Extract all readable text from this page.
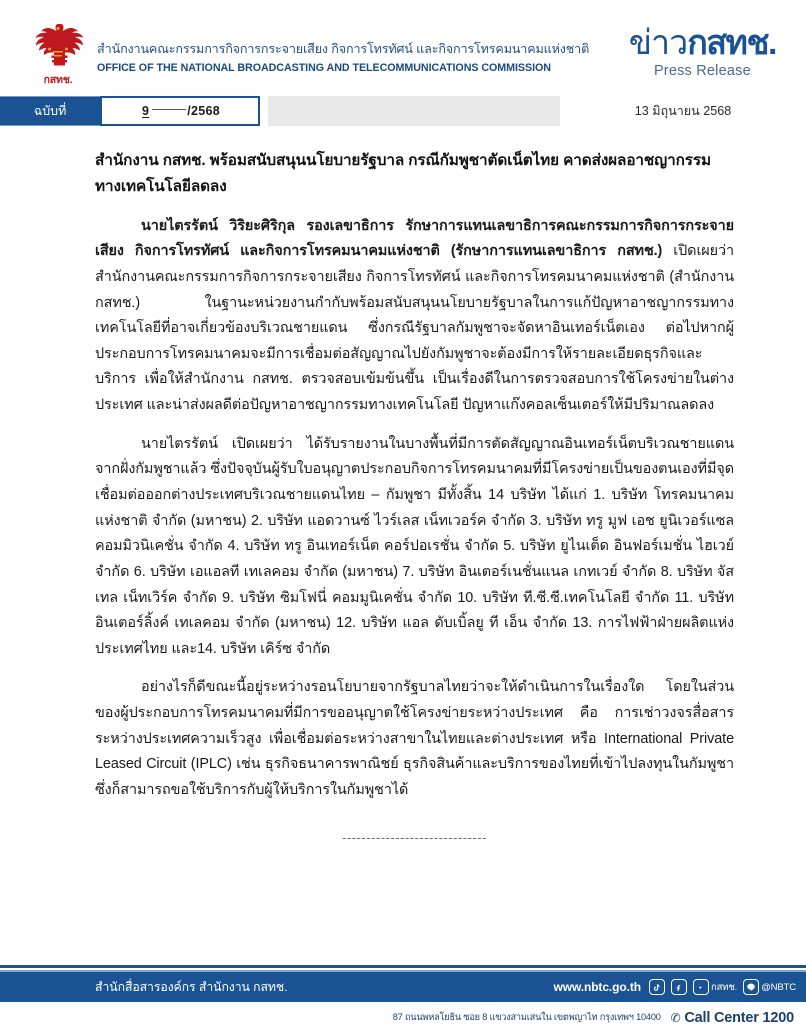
กสทช.
สำนักงานคณะกรรมการกิจการกระจายเสียง กิจการโทรทัศน์ และกิจการโทรคมนาคมแห่งชาติ
OFFICE OF THE NATIONAL BROADCASTING AND TELECOMMUNICATIONS COMMISSION
ข่าวกสทช.
Press Release
ฉบับที่	9	/2568	13 มิถุนายน 2568
สำนักงาน กสทช. พร้อมสนับสนุนนโยบายรัฐบาล กรณีกัมพูชาตัดเน็ตไทย คาดส่งผลอาชญากรรมทางเทคโนโลยีลดลง
นายไตรรัตน์ วิริยะศิริกุล รองเลขาธิการ รักษาการแทนเลขาธิการคณะกรรมการกิจการกระจายเสียง กิจการโทรทัศน์ และกิจการโทรคมนาคมแห่งชาติ (รักษาการแทนเลขาธิการ กสทช.) เปิดเผยว่า สำนักงานคณะกรรมการกิจการกระจายเสียง กิจการโทรทัศน์ และกิจการโทรคมนาคมแห่งชาติ (สำนักงาน กสทช.) ในฐานะหน่วยงานกำกับพร้อมสนับสนุนนโยบายรัฐบาลในการแก้ปัญหาอาชญากรรมทางเทคโนโลยีที่อาจเกี่ยวข้องบริเวณชายแดน ซึ่งกรณีรัฐบาลกัมพูชาจะจัดหาอินเทอร์เน็ตเอง ต่อไปหากผู้ประกอบการโทรคมนาคมจะมีการเชื่อมต่อสัญญาณไปยังกัมพูชาจะต้องมีการให้รายละเอียดธุรกิจและบริการ เพื่อให้สำนักงาน กสทช. ตรวจสอบเข้มข้นขึ้น เป็นเรื่องดีในการตรวจสอบการใช้โครงข่ายในต่างประเทศ และน่าส่งผลดีต่อปัญหาอาชญากรรมทางเทคโนโลยี ปัญหาแก๊งคอลเซ็นเตอร์ให้มีปริมาณลดลง
นายไตรรัตน์ เปิดเผยว่า ได้รับรายงานในบางพื้นที่มีการตัดสัญญาณอินเทอร์เน็ตบริเวณชายแดนจากฝั่งกัมพูชาแล้ว ซึ่งปัจจุบันผู้รับใบอนุญาตประกอบกิจการโทรคมนาคมที่มีโครงข่ายเป็นของตนเองที่มีจุดเชื่อมต่อออกต่างประเทศบริเวณชายแดนไทย – กัมพูชา มีทั้งสิ้น 14 บริษัท ได้แก่ 1. บริษัท โทรคมนาคมแห่งชาติ จำกัด (มหาชน) 2. บริษัท แอดวานซ์ ไวร์เลส เน็ทเวอร์ค จำกัด 3. บริษัท ทรู มูฟ เอช ยูนิเวอร์แซล คอมมิวนิเคชั่น จำกัด 4. บริษัท ทรู อินเทอร์เน็ต คอร์ปอเรชั่น จำกัด 5. บริษัท ยูไนเต็ด อินฟอร์เมชั่น ไฮเวย์ จำกัด 6. บริษัท เอแอลที เทเลคอม จำกัด (มหาชน) 7. บริษัท อินเตอร์เนชั่นแนล เกทเวย์ จำกัด 8. บริษัท จัสเทล เน็ทเวิร์ค จำกัด 9. บริษัท ซิมโฟนี่ คอมมูนิเคชั่น จำกัด 10. บริษัท ที.ซี.ซี.เทคโนโลยี จำกัด 11. บริษัท อินเตอร์ลิ้งค์ เทเลคอม จำกัด (มหาชน) 12. บริษัท แอล ดับเบิ้ลยู ที เอ็น จำกัด 13. การไฟฟ้าฝ่ายผลิตแห่งประเทศไทย และ14. บริษัท เคิร์ซ จำกัด
อย่างไรก็ดีขณะนี้อยู่ระหว่างรอนโยบายจากรัฐบาลไทยว่าจะให้ดำเนินการในเรื่องใด โดยในส่วนของผู้ประกอบการโทรคมนาคมที่มีการขออนุญาตใช้โครงข่ายระหว่างประเทศ คือ การเช่าวงจรสื่อสารระหว่างประเทศความเร็วสูง เพื่อเชื่อมต่อระหว่างสาขาในไทยและต่างประเทศ หรือ International Private Leased Circuit (IPLC) เช่น ธุรกิจธนาคารพาณิชย์ ธุรกิจสินค้าและบริการของไทยที่เข้าไปลงทุนในกัมพูชา ซึ่งก็สามารถขอใช้บริการกับผู้ให้บริการในกัมพูชาได้
------------------------------
สำนักสื่อสารองค์กร สำนักงาน กสทช.	www.nbtc.go.th	กสทช.	@NBTC
87 ถนนพหลโยธิน ซอย 8 แขวงสามเสนใน เขตพญาไท กรุงเทพฯ 10400 ✆ Call Center 1200
